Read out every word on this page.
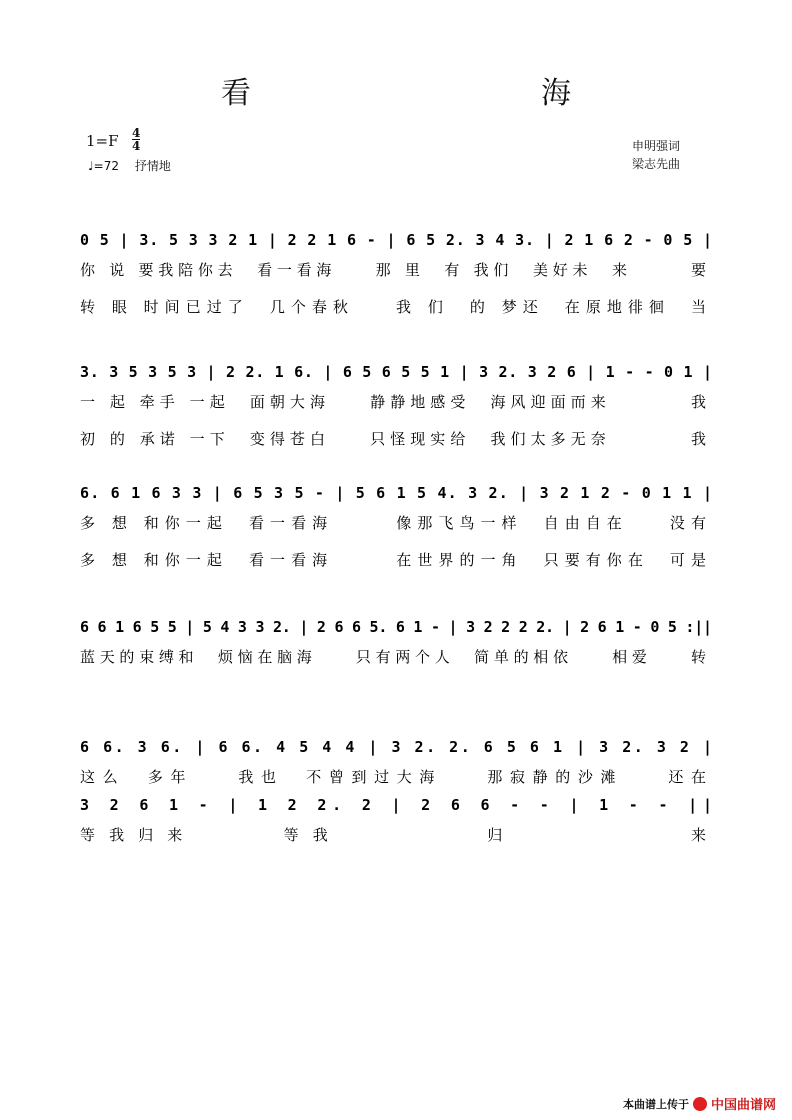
看　海
$1=F \frac{4}{4}$
♩=72 抒情地
申明强词
梁志先曲
0 5 | 3. 5 3 3 2 1 | 2 2 1 6 - | 6 5 2. 3 4 3. | 2 1 6 2 - 0 5 |
你 说 要我陪你去　看一看海　　那 里　有 我们　美好未　来　　　要
转 眼 时间已过了　几个春秋　　我 们　的 梦还　在原地徘徊　当
3. 3 5 3 5 3 | 2 2. 1 6. | 6 5 6 5 5 1 | 3 2. 3 2 6 | 1 - - 0 1 |
一 起 牵手 一起　面朝大海　　静静地感受　海风迎面而来　　　　我
初 的 承诺 一下　变得苍白　　只怪现实给　我们太多无奈　　　　我
6. 6 1 6 3 3 | 6 5 3 5 - | 5 6 1 5 4. 3 2. | 3 2 1 2 - 0 1 1 |
多 想 和你一起　看一看海　　　像那飞鸟一样　自由自在　　没有
多 想 和你一起　看一看海　　　在世界的一角　只要有你在　可是
6 6 1 6 5 5 | 5 4 3 3 2. | 2 6 6 5. 6 1 - | 3 2 2 2 2. | 2 6 1 - 0 5 :||
蓝天的束缚和　烦恼在脑海　　只有两个人　简单的相依　　相爱　　转
6 6. 3 6. | 6 6. 4 5 4 4 | 3 2. 2. 6 5 6 1 | 3 2. 3 2 |
这么　多年　　我也　不曾到过大海　　那寂静的沙滩　　还在
3 2 6 1 - | 1 2 2. 2 | 2 6 6 - - | 1 - - ||
等我归来　　　等我　　　　　归　　　　　　来
本曲谱上传于 中国曲谱网
